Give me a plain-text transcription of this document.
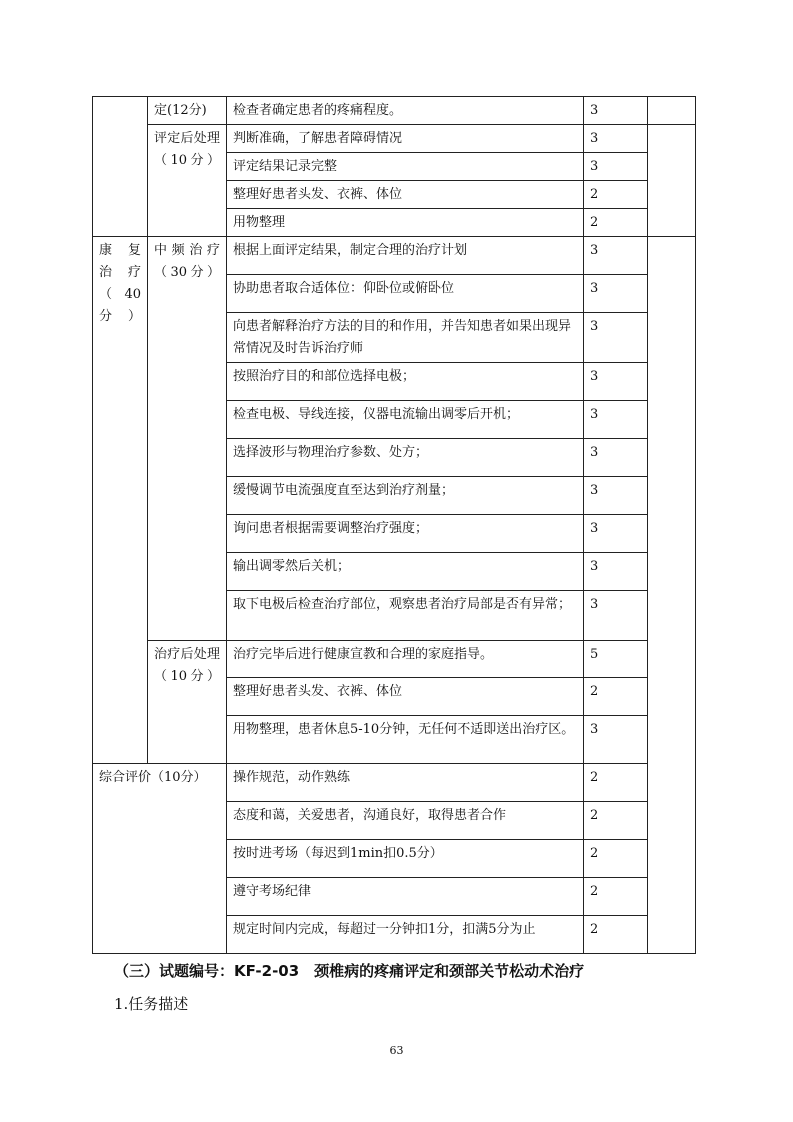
	定(12分)	检查者确定患者的疼痛程度。	3		
	评定后处理 （10分）	判断准确，了解患者障碍情况	3		
		评定结果记录完整	3		
		整理好患者头发、衣裤、体位	2		
		用物整理	2		
康 复 治疗 （ 40 分）	中频治疗 （30分）	根据上面评定结果，制定合理的治疗计划	3		
		协助患者取合适体位：仰卧位或俯卧位	3		
		向患者解释治疗方法的目的和作用，并告知患者如果出现异常情况及时告诉治疗师	3		
		按照治疗目的和部位选择电极；	3		
		检查电极、导线连接，仪器电流输出调零后开机；	3		
		选择波形与物理治疗参数、处方；	3		
		缓慢调节电流强度直至达到治疗剂量；	3		
		询问患者根据需要调整治疗强度；	3		
		输出调零然后关机；	3		
		取下电极后检查治疗部位，观察患者治疗局部是否有异常；	3		
	治疗后处理（10分）	治疗完毕后进行健康宣教和合理的家庭指导。	5		
		整理好患者头发、衣裤、体位	2		
		用物整理，患者休息5-10分钟，无任何不适即送出治疗区。	3		
综合评价（10分）		操作规范，动作熟练	2		
		态度和蔼，关爱患者，沟通良好，取得患者合作	2		
		按时进考场（每迟到1min扣0.5分）	2		
		遵守考场纪律	2		
		规定时间内完成，每超过一分钟扣1分，扣满5分为止	2		
（三）试题编号：KF-2-03　颈椎病的疼痛评定和颈部关节松动术治疗
1.任务描述
63
